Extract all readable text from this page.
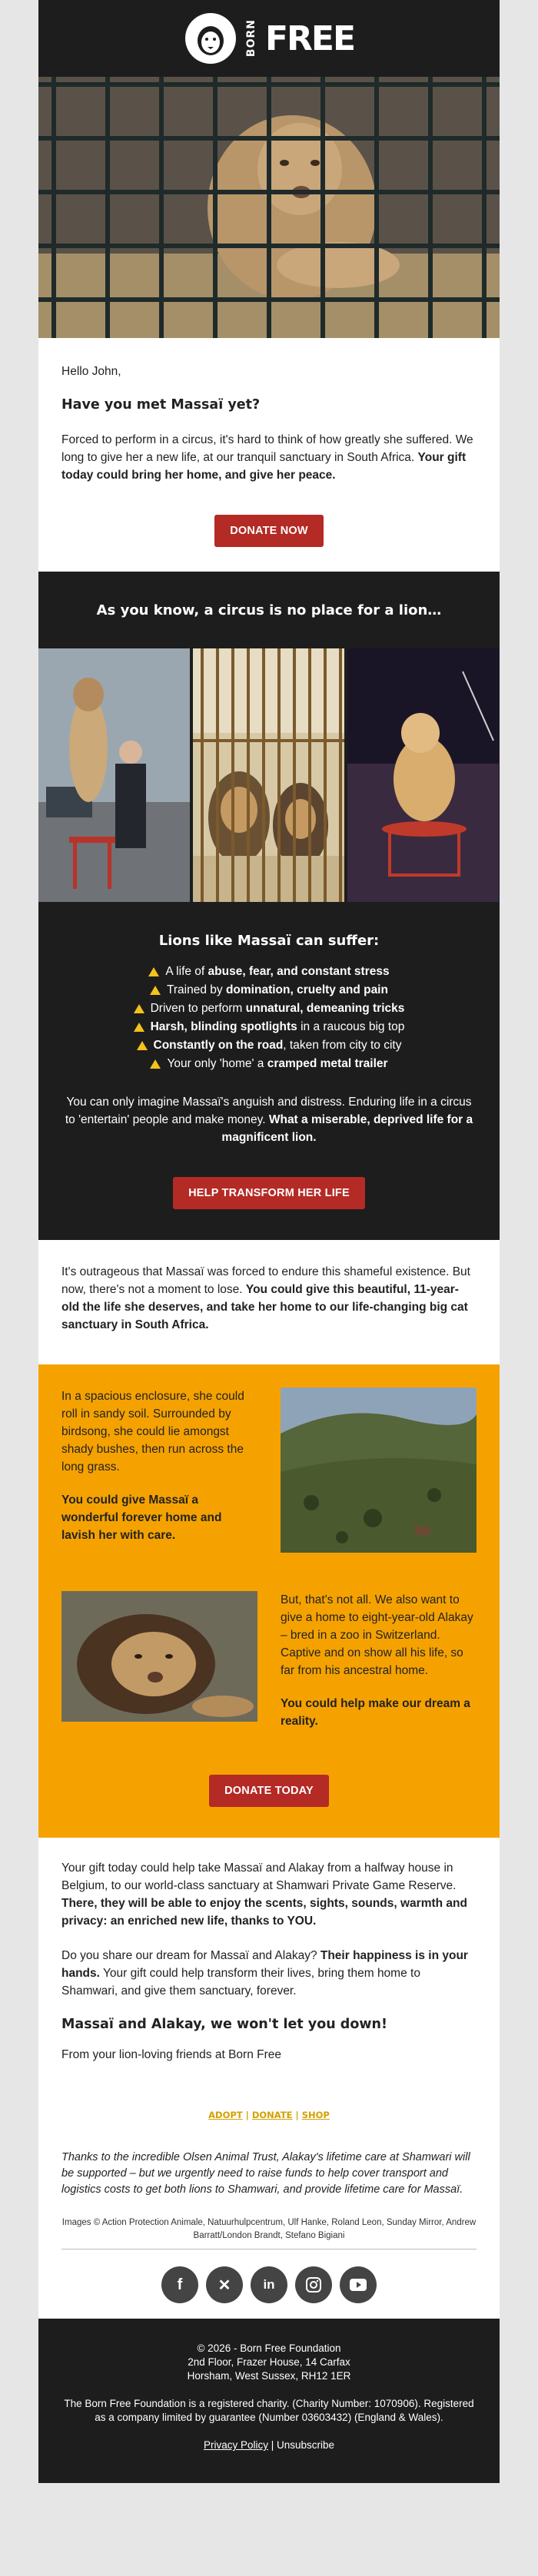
BORN FREE

Hello John,

Have you met Massaï yet?

Forced to perform in a circus, it's hard to think of how greatly she suffered. We long to give her a new life, at our tranquil sanctuary in South Africa. Your gift today could bring her home, and give her peace.

DONATE NOW
As you know, a circus is no place for a lion…
Lions like Massaï can suffer:
A life of abuse, fear, and constant stress
Trained by domination, cruelty and pain
Driven to perform unnatural, demeaning tricks
Harsh, blinding spotlights in a raucous big top
Constantly on the road, taken from city to city
Your only 'home' a cramped metal trailer

You can only imagine Massaï's anguish and distress. Enduring life in a circus to 'entertain' people and make money. What a miserable, deprived life for a magnificent lion.

HELP TRANSFORM HER LIFE

It's outrageous that Massaï was forced to endure this shameful existence. But now, there's not a moment to lose. You could give this beautiful, 11-year-old the life she deserves, and take her home to our life-changing big cat sanctuary in South Africa.

In a spacious enclosure, she could roll in sandy soil. Surrounded by birdsong, she could lie amongst shady bushes, then run across the long grass.

You could give Massaï a wonderful forever home and lavish her with care.

But, that's not all. We also want to give a home to eight-year-old Alakay – bred in a zoo in Switzerland. Captive and on show all his life, so far from his ancestral home.

You could help make our dream a reality.

DONATE TODAY

Your gift today could help take Massaï and Alakay from a halfway house in Belgium, to our world-class sanctuary at Shamwari Private Game Reserve. There, they will be able to enjoy the scents, sights, sounds, warmth and privacy: an enriched new life, thanks to YOU.

Do you share our dream for Massaï and Alakay? Their happiness is in your hands. Your gift could help transform their lives, bring them home to Shamwari, and give them sanctuary, forever.

Massaï and Alakay, we won't let you down!

From your lion-loving friends at Born Free

ADOPT | DONATE | SHOP

Thanks to the incredible Olsen Animal Trust, Alakay's lifetime care at Shamwari will be supported – but we urgently need to raise funds to help cover transport and logistics costs to get both lions to Shamwari, and provide lifetime care for Massaï.

Images © Action Protection Animale, Natuurhulpcentrum, Ulf Hanke, Roland Leon, Sunday Mirror, Andrew Barratt/London Brandt, Stefano Bigiani
f	✕	in
© 2026 - Born Free Foundation
2nd Floor, Frazer House, 14 Carfax
Horsham, West Sussex, RH12 1ER
The Born Free Foundation is a registered charity. (Charity Number: 1070906). Registered as a company limited by guarantee (Number 03603432) (England & Wales).
Privacy Policy | Unsubscribe
